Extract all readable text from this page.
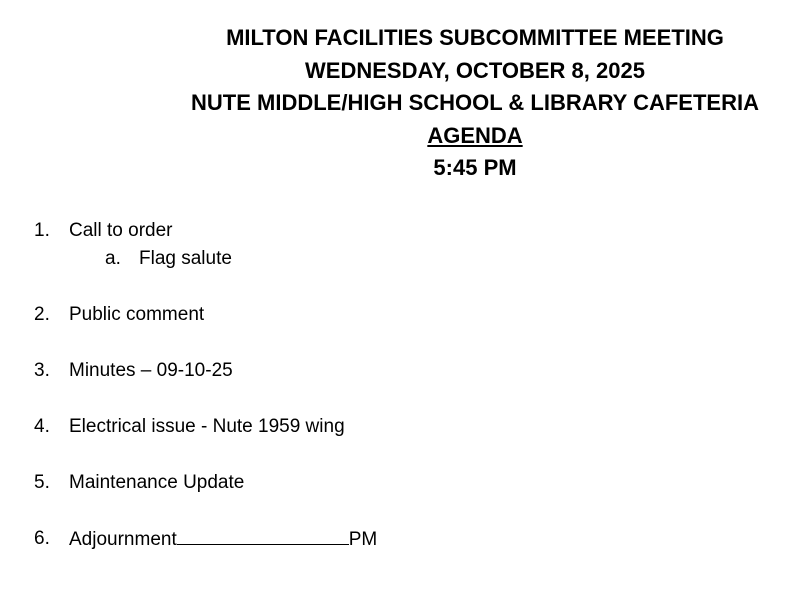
MILTON FACILITIES SUBCOMMITTEE MEETING
WEDNESDAY, OCTOBER 8, 2025
NUTE MIDDLE/HIGH SCHOOL & LIBRARY CAFETERIA
AGENDA
5:45 PM
1. Call to order
a. Flag salute
2. Public comment
3. Minutes – 09-10-25
4. Electrical issue - Nute 1959 wing
5. Maintenance Update
6. Adjournment	PM
